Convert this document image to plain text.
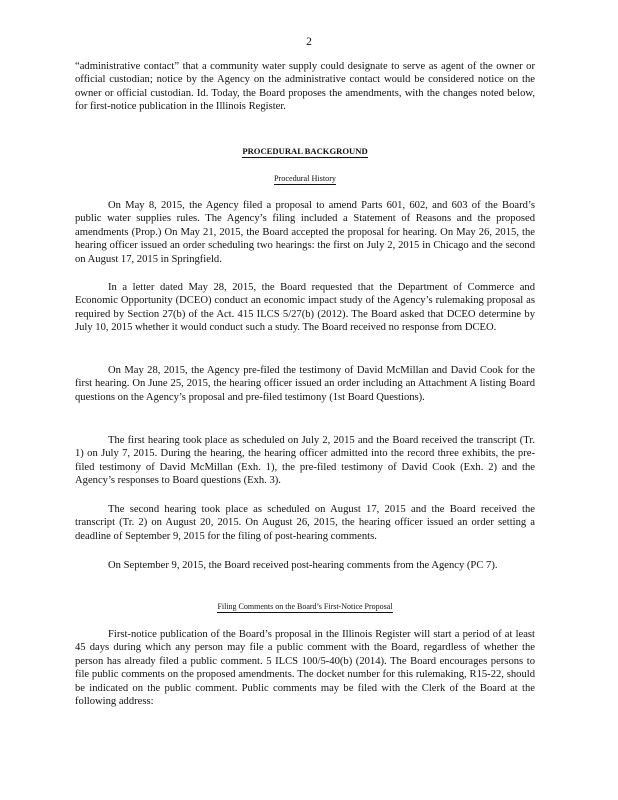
2

“administrative contact” that a community water supply could designate to serve as agent of the owner or official custodian; notice by the Agency on the administrative contact would be considered notice on the owner or official custodian. Id. Today, the Board proposes the amendments, with the changes noted below, for first-notice publication in the Illinois Register.

PROCEDURAL BACKGROUND
Procedural History

On May 8, 2015, the Agency filed a proposal to amend Parts 601, 602, and 603 of the Board’s public water supplies rules. The Agency’s filing included a Statement of Reasons and the proposed amendments (Prop.) On May 21, 2015, the Board accepted the proposal for hearing. On May 26, 2015, the hearing officer issued an order scheduling two hearings: the first on July 2, 2015 in Chicago and the second on August 17, 2015 in Springfield.

In a letter dated May 28, 2015, the Board requested that the Department of Commerce and Economic Opportunity (DCEO) conduct an economic impact study of the Agency’s rulemaking proposal as required by Section 27(b) of the Act. 415 ILCS 5/27(b) (2012). The Board asked that DCEO determine by July 10, 2015 whether it would conduct such a study. The Board received no response from DCEO.

On May 28, 2015, the Agency pre-filed the testimony of David McMillan and David Cook for the first hearing. On June 25, 2015, the hearing officer issued an order including an Attachment A listing Board questions on the Agency’s proposal and pre-filed testimony (1st Board Questions).

The first hearing took place as scheduled on July 2, 2015 and the Board received the transcript (Tr. 1) on July 7, 2015. During the hearing, the hearing officer admitted into the record three exhibits, the pre-filed testimony of David McMillan (Exh. 1), the pre-filed testimony of David Cook (Exh. 2) and the Agency’s responses to Board questions (Exh. 3).

The second hearing took place as scheduled on August 17, 2015 and the Board received the transcript (Tr. 2) on August 20, 2015. On August 26, 2015, the hearing officer issued an order setting a deadline of September 9, 2015 for the filing of post-hearing comments.

On September 9, 2015, the Board received post-hearing comments from the Agency (PC 7).

Filing Comments on the Board’s First-Notice Proposal

First-notice publication of the Board’s proposal in the Illinois Register will start a period of at least 45 days during which any person may file a public comment with the Board, regardless of whether the person has already filed a public comment. 5 ILCS 100/5-40(b) (2014). The Board encourages persons to file public comments on the proposed amendments. The docket number for this rulemaking, R15-22, should be indicated on the public comment. Public comments may be filed with the Clerk of the Board at the following address:
